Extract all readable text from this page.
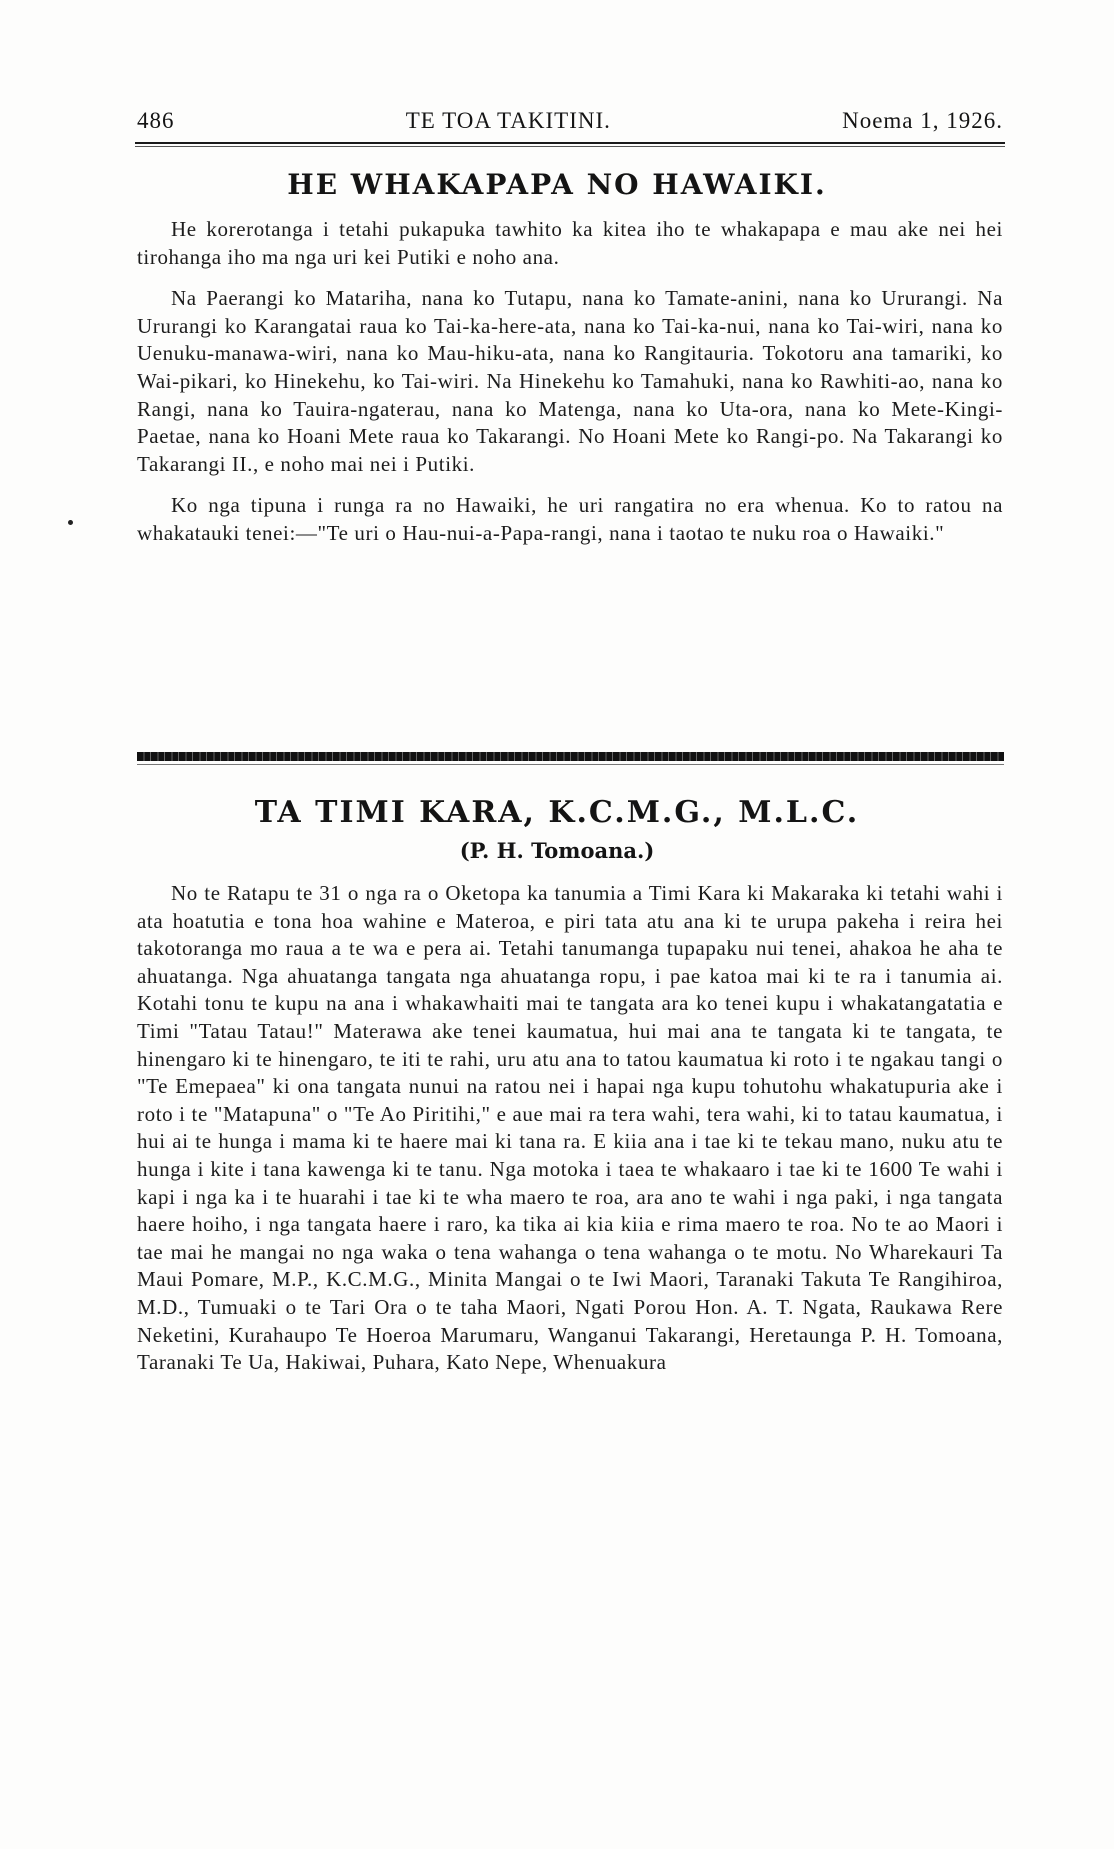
486	TE TOA TAKITINI.	Noema 1, 1926.
HE WHAKAPAPA NO HAWAIKI.

He korerotanga i tetahi pukapuka tawhito ka kitea iho te whakapapa e mau ake nei hei tirohanga iho ma nga uri kei Putiki e noho ana.

Na Paerangi ko Matariha, nana ko Tutapu, nana ko Tamate-anini, nana ko Ururangi. Na Ururangi ko Karangatai raua ko Tai-ka-here-ata, nana ko Tai-ka-nui, nana ko Tai-wiri, nana ko Uenuku-manawa-wiri, nana ko Mau-hiku-ata, nana ko Rangitauria. Tokotoru ana tamariki, ko Wai-pikari, ko Hinekehu, ko Tai-wiri. Na Hinekehu ko Tamahuki, nana ko Rawhiti-ao, nana ko Rangi, nana ko Tauira-ngaterau, nana ko Matenga, nana ko Uta-ora, nana ko Mete-Kingi-Paetae, nana ko Hoani Mete raua ko Takarangi. No Hoani Mete ko Rangi-po. Na Takarangi ko Takarangi II., e noho mai nei i Putiki.

Ko nga tipuna i runga ra no Hawaiki, he uri rangatira no era whenua. Ko to ratou na whakatauki tenei:—"Te uri o Hau-nui-a-Papa-rangi, nana i taotao te nuku roa o Hawaiki."

TA TIMI KARA, K.C.M.G., M.L.C.
(P. H. Tomoana.)

No te Ratapu te 31 o nga ra o Oketopa ka tanumia a Timi Kara ki Makaraka ki tetahi wahi i ata hoatutia e tona hoa wahine e Materoa, e piri tata atu ana ki te urupa pakeha i reira hei takotoranga mo raua a te wa e pera ai. Tetahi tanumanga tupapaku nui tenei, ahakoa he aha te ahuatanga. Nga ahuatanga tangata nga ahuatanga ropu, i pae katoa mai ki te ra i tanumia ai. Kotahi tonu te kupu na ana i whakawhaiti mai te tangata ara ko tenei kupu i whakatangatatia e Timi "Tatau Tatau!" Materawa ake tenei kaumatua, hui mai ana te tangata ki te tangata, te hinengaro ki te hinengaro, te iti te rahi, uru atu ana to tatou kaumatua ki roto i te ngakau tangi o "Te Emepaea" ki ona tangata nunui na ratou nei i hapai nga kupu tohutohu whakatupuria ake i roto i te "Matapuna" o "Te Ao Piritihi," e aue mai ra tera wahi, tera wahi, ki to tatau kaumatua, i hui ai te hunga i mama ki te haere mai ki tana ra. E kiia ana i tae ki te tekau mano, nuku atu te hunga i kite i tana kawenga ki te tanu. Nga motoka i taea te whakaaro i tae ki te 1600 Te wahi i kapi i nga ka i te huarahi i tae ki te wha maero te roa, ara ano te wahi i nga paki, i nga tangata haere hoiho, i nga tangata haere i raro, ka tika ai kia kiia e rima maero te roa. No te ao Maori i tae mai he mangai no nga waka o tena wahanga o tena wahanga o te motu. No Wharekauri Ta Maui Pomare, M.P., K.C.M.G., Minita Mangai o te Iwi Maori, Taranaki Takuta Te Rangihiroa, M.D., Tumuaki o te Tari Ora o te taha Maori, Ngati Porou Hon. A. T. Ngata, Raukawa Rere Neketini, Kurahaupo Te Hoeroa Marumaru, Wanganui Takarangi, Heretaunga P. H. Tomoana, Taranaki Te Ua, Hakiwai, Puhara, Kato Nepe, Whenuakura
